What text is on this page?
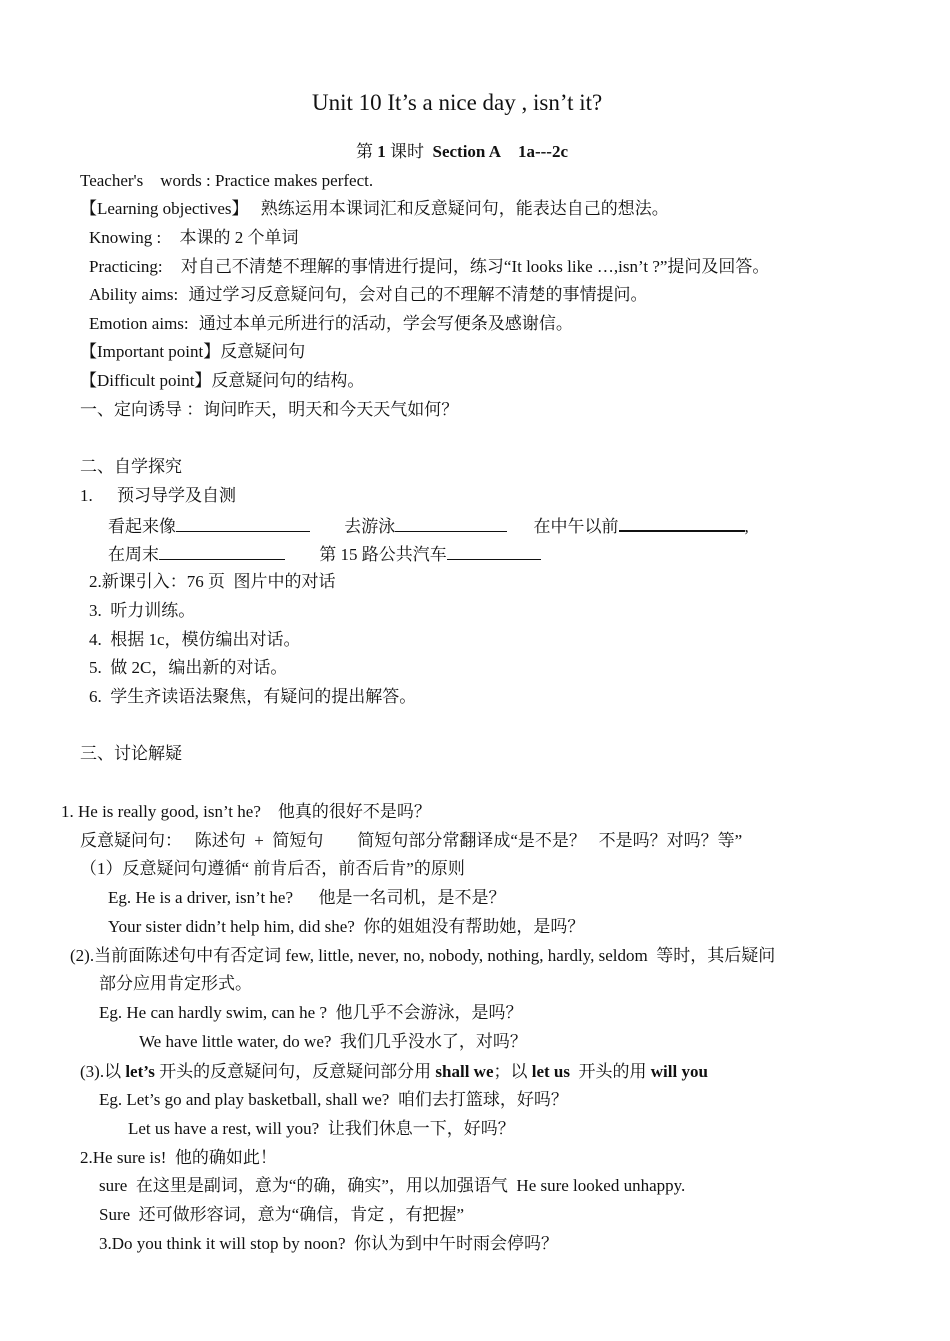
Unit 10 It’s a nice day , isn’t it?
第 1 课时 Section A 1a---2c
Teacher's    words : Practice makes perfect.
【Learning objectives】 熟练运用本课词汇和反意疑问句，能表达自己的想法。
Knowing : 本课的 2 个单词
Practicing: 对自己不清楚不理解的事情进行提问，练习“It looks like …,isn’t ?”提问及回答。
Ability aims: 通过学习反意疑问句，会对自己的不理解不清楚的事情提问。
Emotion aims: 通过本单元所进行的活动，学会写便条及感谢信。
【Important point】反意疑问句
【Difficult point】反意疑问句的结构。
一、定向诱导 ：询问昨天，明天和今天天气如何？
二、自学探究
1. 预习导学及自测
看起来像	去游泳	在中午以前	,
在周末	第 15 路公共汽车
2.新课引入：76 页  图片中的对话
3.  听力训练。
4.  根据 1c，模仿编出对话。
5.  做 2C，编出新的对话。
6.  学生齐读语法聚焦，有疑问的提出解答。
三、讨论解疑
1. He is really good, isn’t he?    他真的很好不是吗？
反意疑问句：   陈述句  +  简短句        简短句部分常翻译成“是不是？   不是吗？对吗？等”
（1）反意疑问句遵循“ 前肯后否，前否后肯”的原则
Eg. He is a driver, isn’t he?      他是一名司机，是不是？
Your sister didn’t help him, did she?  你的姐姐没有帮助她，是吗？
(2).当前面陈述句中有否定词 few, little, never, no, nobody, nothing, hardly, seldom  等时，其后疑问
部分应用肯定形式。
Eg. He can hardly swim, can he ?  他几乎不会游泳，是吗？
We have little water, do we?  我们几乎没水了，对吗？
(3).以 let’s 开头的反意疑问句，反意疑问部分用 shall we；以 let us  开头的用 will you
Eg. Let’s go and play basketball, shall we?  咱们去打篮球，好吗？
Let us have a rest, will you?  让我们休息一下，好吗？
2.He sure is!  他的确如此！
sure  在这里是副词，意为“的确，确实”，用以加强语气  He sure looked unhappy.
Sure  还可做形容词，意为“确信，肯定 ，有把握”
3.Do you think it will stop by noon?  你认为到中午时雨会停吗？
